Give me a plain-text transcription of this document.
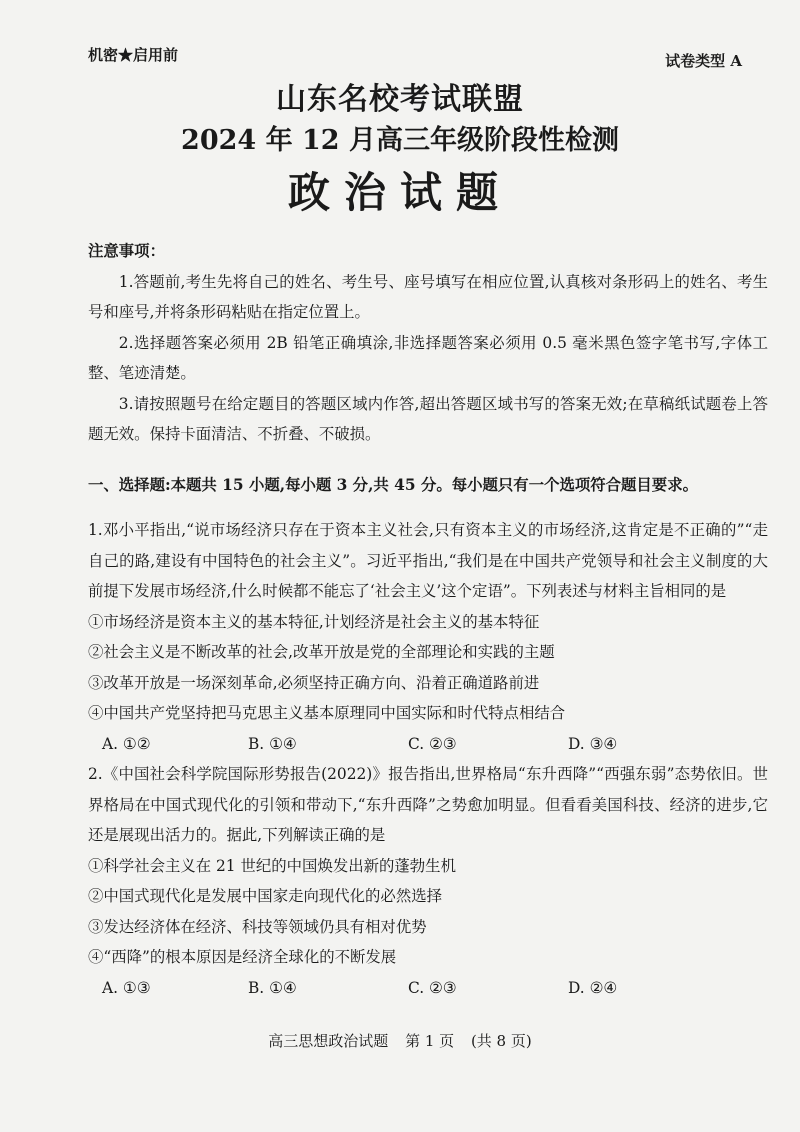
机密★启用前	试卷类型 A
山东名校考试联盟
2024 年 12 月高三年级阶段性检测
政治试题

注意事项：

1.答题前,考生先将自己的姓名、考生号、座号填写在相应位置,认真核对条形码上的姓名、考生号和座号,并将条形码粘贴在指定位置上。

2.选择题答案必须用 2B 铅笔正确填涂,非选择题答案必须用 0.5 毫米黑色签字笔书写,字体工整、笔迹清楚。

3.请按照题号在给定题目的答题区域内作答,超出答题区域书写的答案无效;在草稿纸试题卷上答题无效。保持卡面清洁、不折叠、不破损。

一、选择题:本题共 15 小题,每小题 3 分,共 45 分。每小题只有一个选项符合题目要求。

1.邓小平指出,“说市场经济只存在于资本主义社会,只有资本主义的市场经济,这肯定是不正确的”“走自己的路,建设有中国特色的社会主义”。习近平指出,“我们是在中国共产党领导和社会主义制度的大前提下发展市场经济,什么时候都不能忘了‘社会主义’这个定语”。下列表述与材料主旨相同的是

①市场经济是资本主义的基本特征,计划经济是社会主义的基本特征

②社会主义是不断改革的社会,改革开放是党的全部理论和实践的主题

③改革开放是一场深刻革命,必须坚持正确方向、沿着正确道路前进

④中国共产党坚持把马克思主义基本原理同中国实际和时代特点相结合

A. ①②	B. ①④	C. ②③	D. ③④

2.《中国社会科学院国际形势报告(2022)》报告指出,世界格局“东升西降”“西强东弱”态势依旧。世界格局在中国式现代化的引领和带动下,“东升西降”之势愈加明显。但看看美国科技、经济的进步,它还是展现出活力的。据此,下列解读正确的是

①科学社会主义在 21 世纪的中国焕发出新的蓬勃生机

②中国式现代化是发展中国家走向现代化的必然选择

③发达经济体在经济、科技等领域仍具有相对优势

④“西降”的根本原因是经济全球化的不断发展

A. ①③	B. ①④	C. ②③	D. ②④
高三思想政治试题 第 1 页 (共 8 页)
